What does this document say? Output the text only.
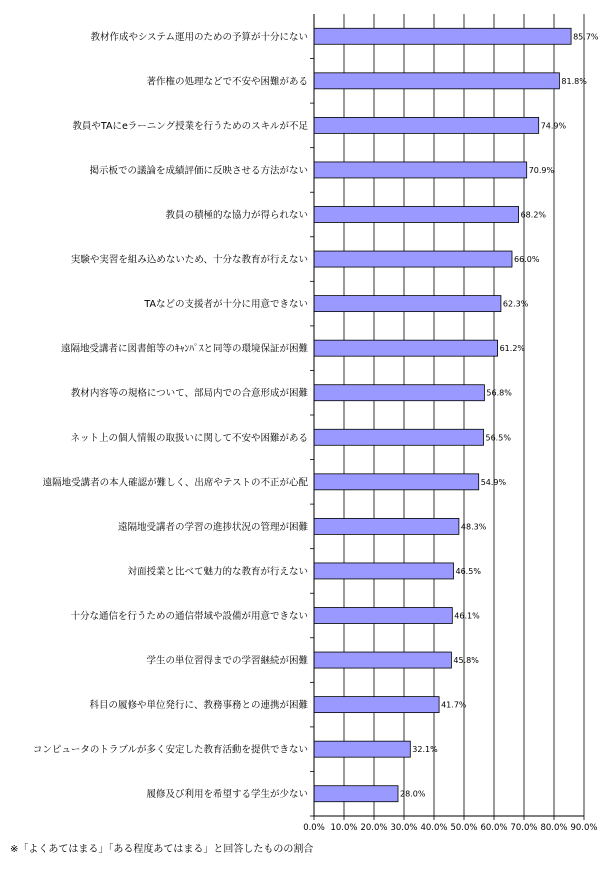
教材作成やシステム運用のための予算が十分にない	85.7%
著作権の処理などで不安や困難がある	81.8%
教員やTAにeラーニング授業を行うためのスキルが不足	74.9%
掲示板での議論を成績評価に反映させる方法がない	70.9%
教員の積極的な協力が得られない	68.2%
実験や実習を組み込めないため、十分な教育が行えない	66.0%
TAなどの支援者が十分に用意できない	62.3%
遠隔地受講者に図書館等のｷｬﾝﾊﾟｽと同等の環境保証が困難	61.2%
教材内容等の規格について、部局内での合意形成が困難	56.8%
ネット上の個人情報の取扱いに関して不安や困難がある	56.5%
遠隔地受講者の本人確認が難しく、出席やテストの不正が心配	54.9%
遠隔地受講者の学習の進捗状況の管理が困難	48.3%
対面授業と比べて魅力的な教育が行えない	46.5%
十分な通信を行うための通信帯域や設備が用意できない	46.1%
学生の単位習得までの学習継続が困難	45.8%
科目の履修や単位発行に、教務事務との連携が困難	41.7%
コンピュータのトラブルが多く安定した教育活動を提供できない	32.1%
履修及び利用を希望する学生が少ない	28.0%
0.0% 10.0% 20.0% 30.0% 40.0% 50.0% 60.0% 70.0% 80.0% 90.0%
※「よくあてはまる」「ある程度あてはまる」と回答したものの割合
